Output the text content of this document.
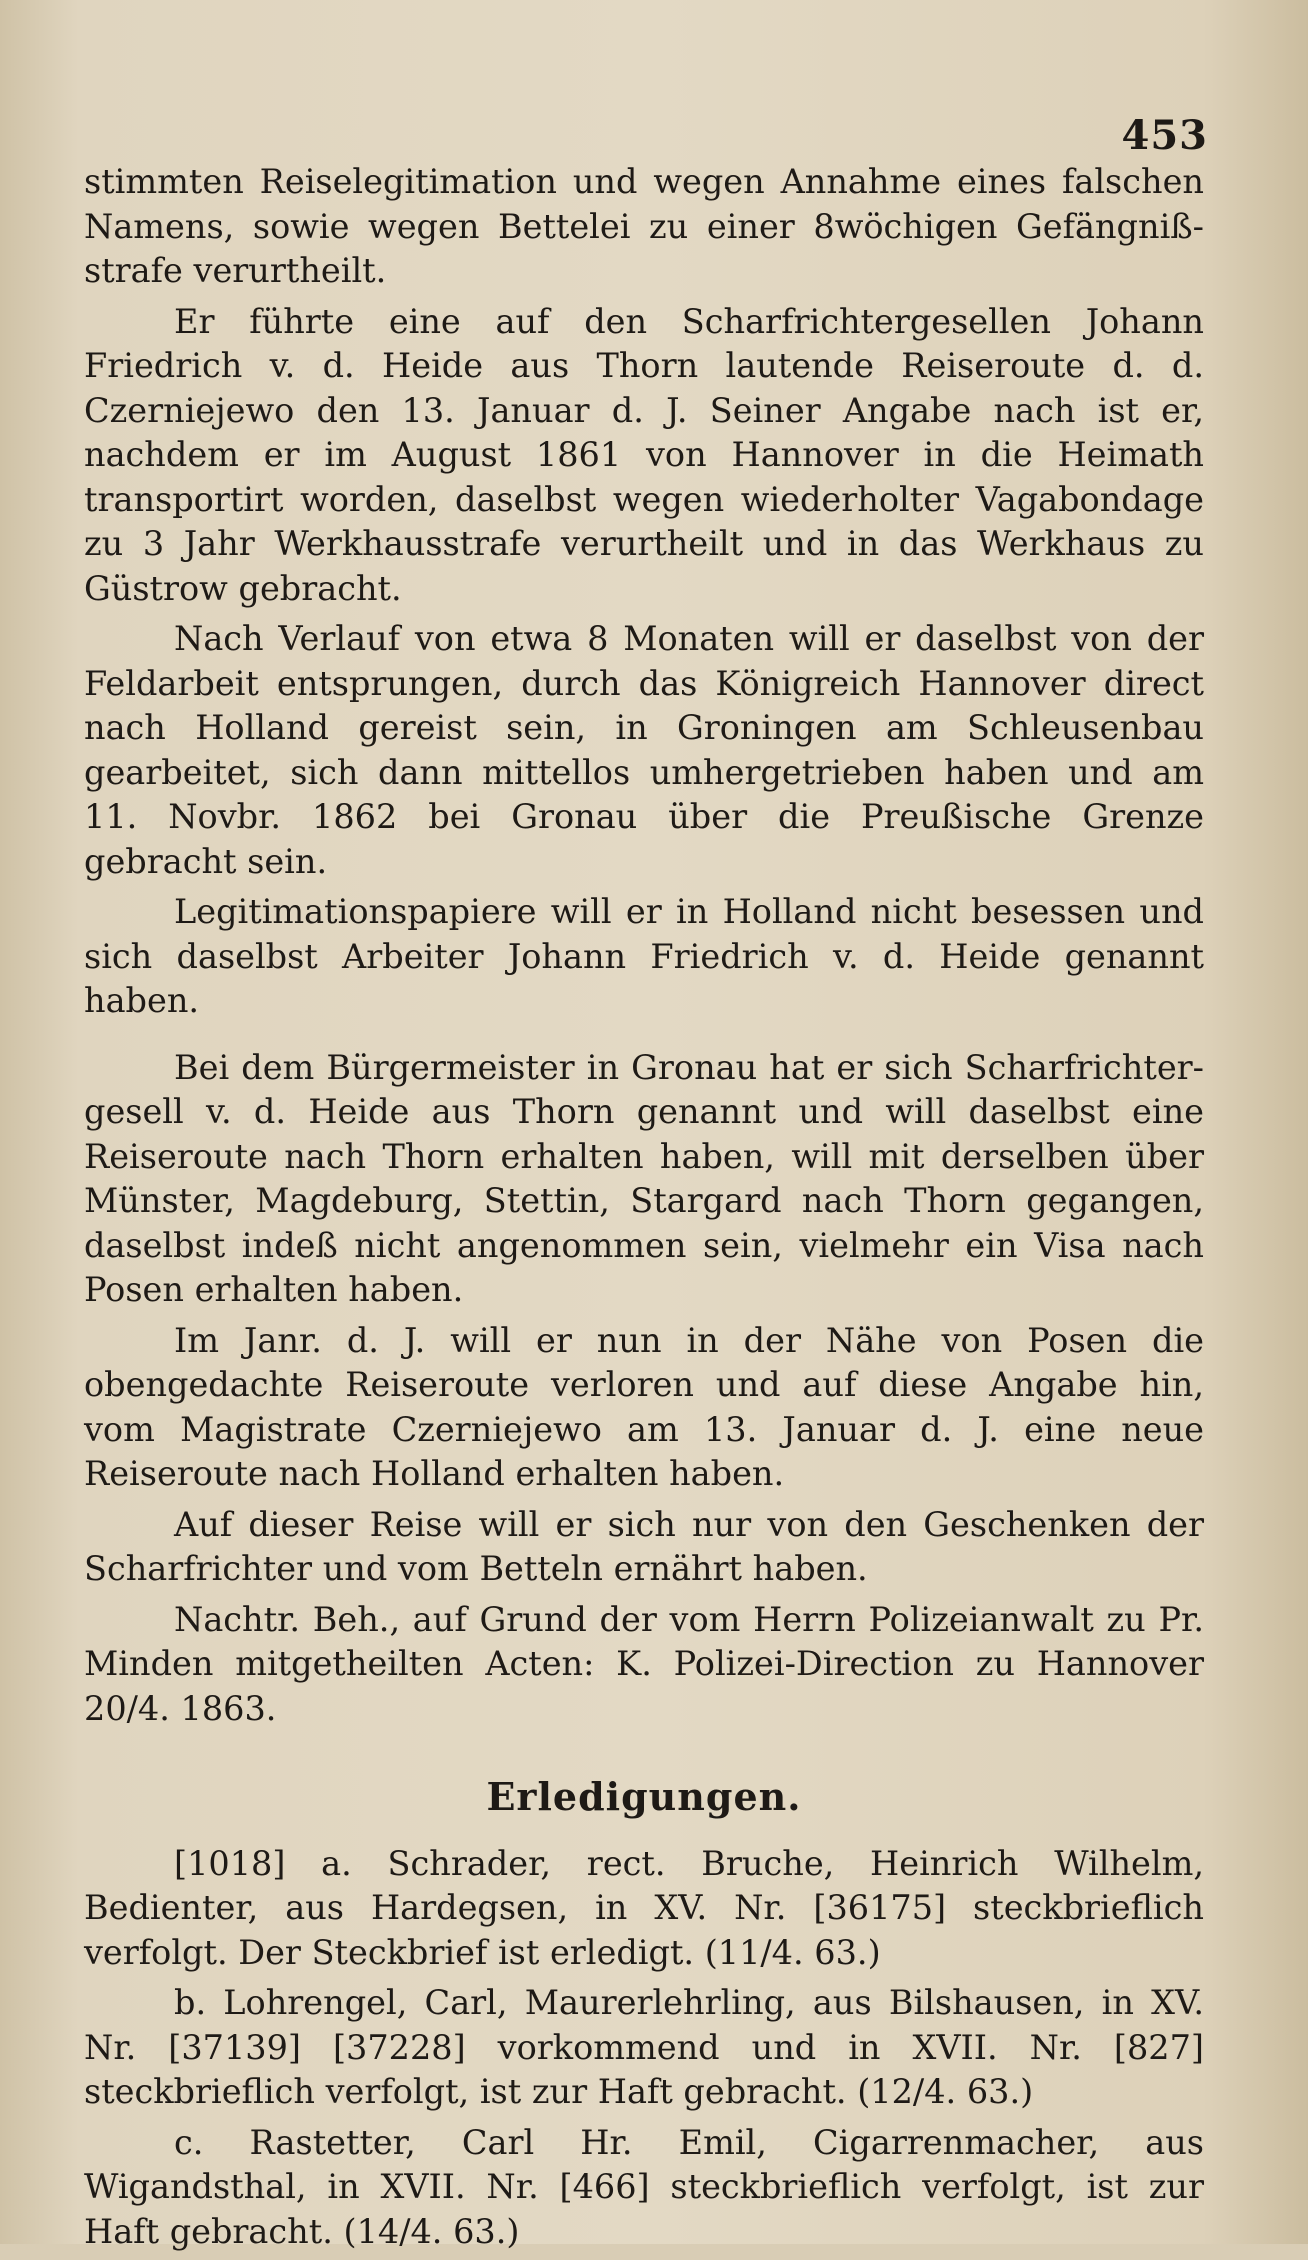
453

stimmten Reiselegitimation und wegen Annahme eines falschen Namens, sowie wegen Bettelei zu einer 8wöchigen Gefängniß-strafe verurtheilt.

Er führte eine auf den Scharfrichtergesellen Johann Friedrich v. d. Heide aus Thorn lautende Reiseroute d. d. Czerniejewo den 13. Januar d. J. Seiner Angabe nach ist er, nachdem er im August 1861 von Hannover in die Heimath transportirt worden, daselbst wegen wiederholter Vagabondage zu 3 Jahr Werkhausstrafe verurtheilt und in das Werkhaus zu Güstrow gebracht.

Nach Verlauf von etwa 8 Monaten will er daselbst von der Feldarbeit entsprungen, durch das Königreich Hannover direct nach Holland gereist sein, in Groningen am Schleusenbau gearbeitet, sich dann mittellos umhergetrieben haben und am 11. Novbr. 1862 bei Gronau über die Preußische Grenze gebracht sein.

Legitimationspapiere will er in Holland nicht besessen und sich daselbst Arbeiter Johann Friedrich v. d. Heide genannt haben.

Bei dem Bürgermeister in Gronau hat er sich Scharfrichter-gesell v. d. Heide aus Thorn genannt und will daselbst eine Reiseroute nach Thorn erhalten haben, will mit derselben über Münster, Magdeburg, Stettin, Stargard nach Thorn gegangen, daselbst indeß nicht angenommen sein, vielmehr ein Visa nach Posen erhalten haben.

Im Janr. d. J. will er nun in der Nähe von Posen die obengedachte Reiseroute verloren und auf diese Angabe hin, vom Magistrate Czerniejewo am 13. Januar d. J. eine neue Reiseroute nach Holland erhalten haben.

Auf dieser Reise will er sich nur von den Geschenken der Scharfrichter und vom Betteln ernährt haben.

Nachtr. Beh., auf Grund der vom Herrn Polizeianwalt zu Pr. Minden mitgetheilten Acten: K. Polizei-Direction zu Hannover 20/4. 1863.

Erledigungen.

[1018] a. Schrader, rect. Bruche, Heinrich Wilhelm, Bedienter, aus Hardegsen, in XV. Nr. [36175] steckbrieflich verfolgt. Der Steckbrief ist erledigt. (11/4. 63.)

b. Lohrengel, Carl, Maurerlehrling, aus Bilshausen, in XV. Nr. [37139] [37228] vorkommend und in XVII. Nr. [827] steckbrieflich verfolgt, ist zur Haft gebracht. (12/4. 63.)

c. Rastetter, Carl Hr. Emil, Cigarrenmacher, aus Wigandsthal, in XVII. Nr. [466] steckbrieflich verfolgt, ist zur Haft gebracht. (14/4. 63.)
